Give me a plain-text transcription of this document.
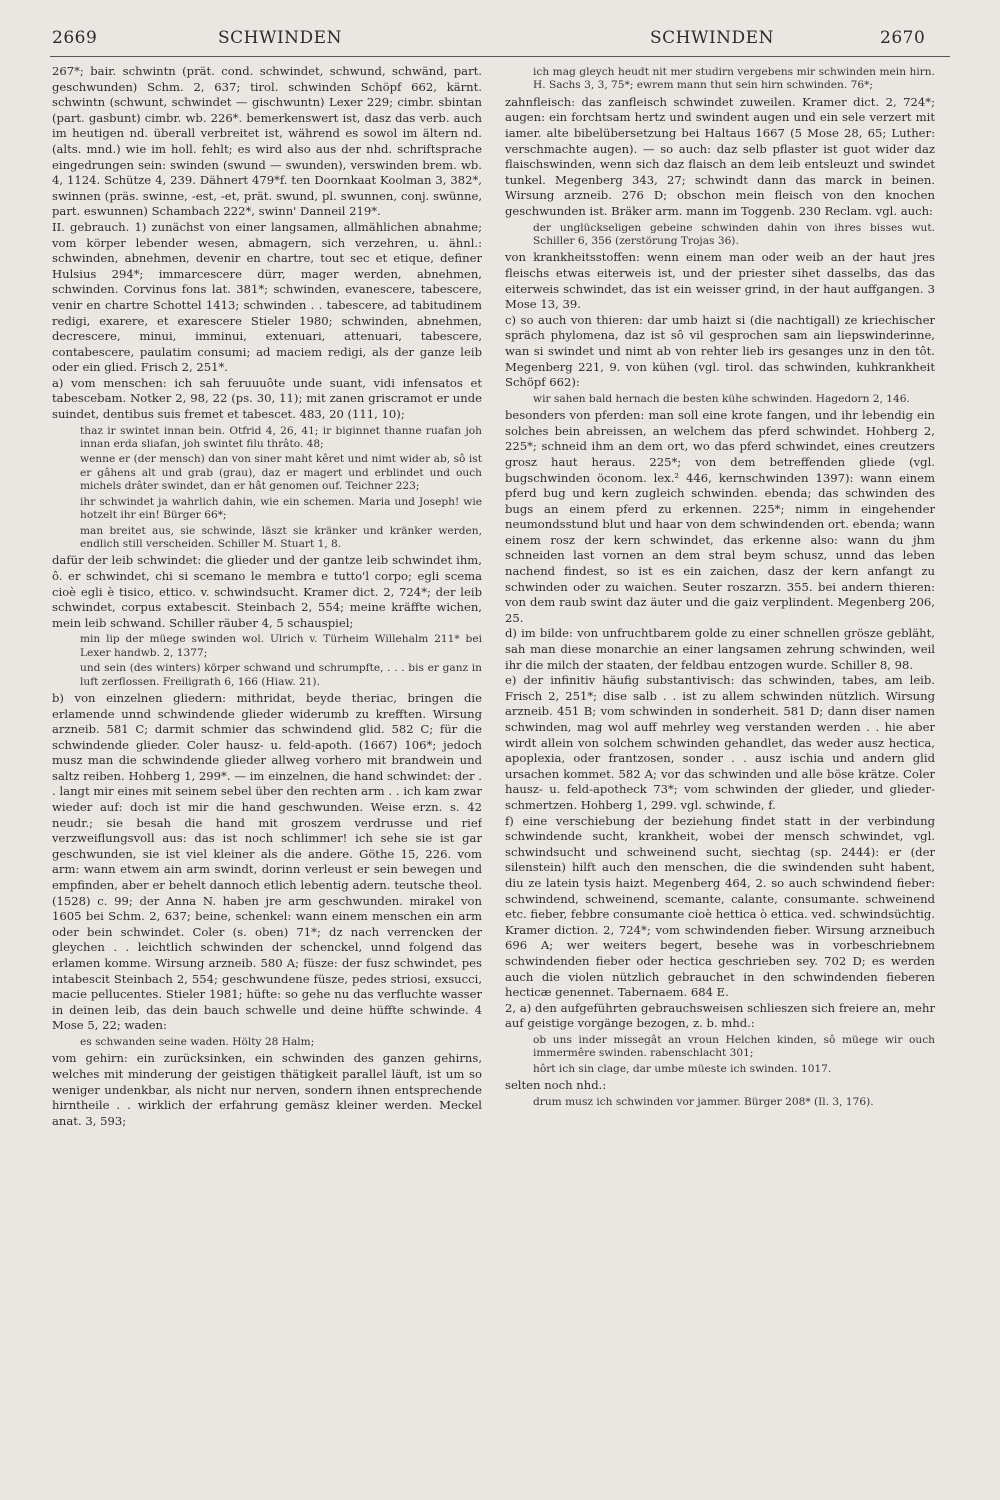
2669	SCHWINDEN	SCHWINDEN	2670
267*; bair. schwintn (prät. cond. schwindet, schwund, schwänd, part. geschwunden) Schm. 2, 637; tirol. schwinden Schöpf 662, kärnt. schwintn (schwunt, schwindet — gischwuntn) Lexer 229; cimbr. sbintan (part. gasbunt) cimbr. wb. 226*. bemerkenswert ist, dasz das verb. auch im heutigen nd. überall verbreitet ist, während es sowol im ältern nd. (alts. mnd.) wie im holl. fehlt; es wird also aus der nhd. schriftsprache eingedrungen sein: swinden (swund — swunden), verswinden brem. wb. 4, 1124. Schütze 4, 239. Dähnert 479*f. ten Doornkaat Koolman 3, 382*, swinnen (präs. swinne, -est, -et, prät. swund, pl. swunnen, conj. swünne, part. eswunnen) Schambach 222*, swinn' Danneil 219*.
II. gebrauch. 1) zunächst von einer langsamen, allmählichen abnahme; vom körper lebender wesen, abmagern, sich verzehren, u. ähnl.: schwinden, abnehmen, devenir en chartre, tout sec et etique, definer Hulsius 294*; immarcescere dürr, mager werden, abnehmen, schwinden. Corvinus fons lat. 381*; schwinden, evanescere, tabescere, venir en chartre Schottel 1413; schwinden . . tabescere, ad tabitudinem redigi, exarere, et exarescere Stieler 1980; schwinden, abnehmen, decrescere, minui, imminui, extenuari, attenuari, tabescere, contabescere, paulatim consumi; ad maciem redigi, als der ganze leib oder ein glied. Frisch 2, 251*.
a) vom menschen: ich sah feruuuôte unde suant, vidi infensatos et tabescebam. Notker 2, 98, 22 (ps. 30, 11); mit zanen griscramot er unde suindet, dentibus suis fremet et tabescet. 483, 20 (111, 10);
thaz ir swintet innan bein. Otfrid 4, 26, 41; ir biginnet thanne ruafan joh innan erda sliafan, joh swintet filu thrâto. 48;
wenne er (der mensch) dan von siner maht kêret und nimt wider ab, sô ist er gâhens alt und grab (grau), daz er magert und erblindet und ouch michels drâter swindet, dan er hât genomen ouf. Teichner 223;
ihr schwindet ja wahrlich dahin, wie ein schemen. Maria und Joseph! wie hotzelt ihr ein! Bürger 66*;
man breitet aus, sie schwinde, läszt sie kränker und kränker werden, endlich still verscheiden. Schiller M. Stuart 1, 8.
dafür der leib schwindet: die glieder und der gantze leib schwindet ihm, ô. er schwindet, chi si scemano le membra e tutto'l corpo; egli scema cioè egli è tisico, ettico. v. schwindsucht. Kramer dict. 2, 724*; der leib schwindet, corpus extabescit. Steinbach 2, 554; meine kräffte wichen, mein leib schwand. Schiller räuber 4, 5 schauspiel;
min lip der müege swinden wol. Ulrich v. Türheim Willehalm 211* bei Lexer handwb. 2, 1377;
und sein (des winters) körper schwand und schrumpfte, . . . bis er ganz in luft zerflossen. Freiligrath 6, 166 (Hiaw. 21).
b) von einzelnen gliedern: mithridat, beyde theriac, bringen die erlamende unnd schwindende glieder widerumb zu krefften. Wirsung arzneib. 581 C; darmit schmier das schwindend glid. 582 C; für die schwindende glieder. Coler hausz- u. feld-apoth. (1667) 106*; jedoch musz man die schwindende glieder allweg vorhero mit brandwein und saltz reiben. Hohberg 1, 299*. — im einzelnen, die hand schwindet: der . . langt mir eines mit seinem sebel über den rechten arm . . ich kam zwar wieder auf: doch ist mir die hand geschwunden. Weise erzn. s. 42 neudr.; sie besah die hand mit groszem verdrusse und rief verzweiflungsvoll aus: das ist noch schlimmer! ich sehe sie ist gar geschwunden, sie ist viel kleiner als die andere. Göthe 15, 226. vom arm: wann etwem ain arm swindt, dorinn verleust er sein bewegen und empfinden, aber er behelt dannoch etlich lebentig adern. teutsche theol. (1528) c. 99; der Anna N. haben jre arm geschwunden. mirakel von 1605 bei Schm. 2, 637; beine, schenkel: wann einem menschen ein arm oder bein schwindet. Coler (s. oben) 71*; dz nach verrencken der gleychen . . leichtlich schwinden der schenckel, unnd folgend das erlamen komme. Wirsung arzneib. 580 A; füsze: der fusz schwindet, pes intabescit Steinbach 2, 554; geschwundene füsze, pedes striosi, exsucci, macie pellucentes. Stieler 1981; hüfte: so gehe nu das verfluchte wasser in deinen leib, das dein bauch schwelle und deine hüffte schwinde. 4 Mose 5, 22; waden:
es schwanden seine waden. Hölty 28 Halm;
vom gehirn: ein zurücksinken, ein schwinden des ganzen gehirns, welches mit minderung der geistigen thätigkeit parallel läuft, ist um so weniger undenkbar, als nicht nur nerven, sondern ihnen entsprechende hirntheile . . wirklich der erfahrung gemäsz kleiner werden. Meckel anat. 3, 593;
ich mag gleych heudt nit mer studirn vergebens mir schwinden mein hirn. H. Sachs 3, 3, 75*; ewrem mann thut sein hirn schwinden. 76*;
zahnfleisch: das zanfleisch schwindet zuweilen. Kramer dict. 2, 724*; augen: ein forchtsam hertz und swindent augen und ein sele verzert mit iamer. alte bibelübersetzung bei Haltaus 1667 (5 Mose 28, 65; Luther: verschmachte augen). — so auch: daz selb pflaster ist guot wider daz flaischswinden, wenn sich daz flaisch an dem leib entsleuzt und swindet tunkel. Megenberg 343, 27; schwindt dann das marck in beinen. Wirsung arzneib. 276 D; obschon mein fleisch von den knochen geschwunden ist. Bräker arm. mann im Toggenb. 230 Reclam. vgl. auch:
der unglückseligen gebeine schwinden dahin von ihres bisses wut. Schiller 6, 356 (zerstörung Trojas 36).
von krankheitsstoffen: wenn einem man oder weib an der haut jres fleischs etwas eiterweis ist, und der priester sihet dasselbs, das das eiterweis schwindet, das ist ein weisser grind, in der haut auffgangen. 3 Mose 13, 39.
c) so auch von thieren: dar umb haizt si (die nachtigall) ze kriechischer spräch phylomena, daz ist sô vil gesprochen sam ain liepswinderinne, wan si swindet und nimt ab von rehter lieb irs gesanges unz in den tôt. Megenberg 221, 9. von kühen (vgl. tirol. das schwinden, kuhkrankheit Schöpf 662):
wir sahen bald hernach die besten kühe schwinden. Hagedorn 2, 146.
besonders von pferden: man soll eine krote fangen, und ihr lebendig ein solches bein abreissen, an welchem das pferd schwindet. Hohberg 2, 225*; schneid ihm an dem ort, wo das pferd schwindet, eines creutzers grosz haut heraus. 225*; von dem betreffenden gliede (vgl. bugschwinden öconom. lex.² 446, kernschwinden 1397): wann einem pferd bug und kern zugleich schwinden. ebenda; das schwinden des bugs an einem pferd zu erkennen. 225*; nimm in eingehender neumondsstund blut und haar von dem schwindenden ort. ebenda; wann einem rosz der kern schwindet, das erkenne also: wann du jhm schneiden last vornen an dem stral beym schusz, unnd das leben nachend findest, so ist es ein zaichen, dasz der kern anfangt zu schwinden oder zu waichen. Seuter roszarzn. 355. bei andern thieren: von dem raub swint daz äuter und die gaiz verplindent. Megenberg 206, 25.
d) im bilde: von unfruchtbarem golde zu einer schnellen grösze gebläht, sah man diese monarchie an einer langsamen zehrung schwinden, weil ihr die milch der staaten, der feldbau entzogen wurde. Schiller 8, 98.
e) der infinitiv häufig substantivisch: das schwinden, tabes, am leib. Frisch 2, 251*; dise salb . . ist zu allem schwinden nützlich. Wirsung arzneib. 451 B; vom schwinden in sonderheit. 581 D; dann diser namen schwinden, mag wol auff mehrley weg verstanden werden . . hie aber wirdt allein von solchem schwinden gehandlet, das weder ausz hectica, apoplexia, oder frantzosen, sonder . . ausz ischia und andern glid ursachen kommet. 582 A; vor das schwinden und alle böse krätze. Coler hausz- u. feld-apotheck 73*; vom schwinden der glieder, und glieder-schmertzen. Hohberg 1, 299. vgl. schwinde, f.
f) eine verschiebung der beziehung findet statt in der verbindung schwindende sucht, krankheit, wobei der mensch schwindet, vgl. schwindsucht und schweinend sucht, siechtag (sp. 2444): er (der silenstein) hilft auch den menschen, die die swindenden suht habent, diu ze latein tysis haizt. Megenberg 464, 2. so auch schwindend fieber: schwindend, schweinend, scemante, calante, consumante. schweinend etc. fieber, febbre consumante cioè hettica ò ettica. ved. schwindsüchtig. Kramer diction. 2, 724*; vom schwindenden fieber. Wirsung arzneibuch 696 A; wer weiters begert, besehe was in vorbeschriebnem schwindenden fieber oder hectica geschrieben sey. 702 D; es werden auch die violen nützlich gebrauchet in den schwindenden fieberen hecticæ genennet. Tabernaem. 684 E.
2, a) den aufgeführten gebrauchsweisen schlieszen sich freiere an, mehr auf geistige vorgänge bezogen, z. b. mhd.:
ob uns inder missegât an vroun Helchen kinden, sô müege wir ouch immermêre swinden. rabenschlacht 301;
hôrt ich sin clage, dar umbe müeste ich swinden. 1017.
selten noch nhd.:
drum musz ich schwinden vor jammer. Bürger 208* (Il. 3, 176).
